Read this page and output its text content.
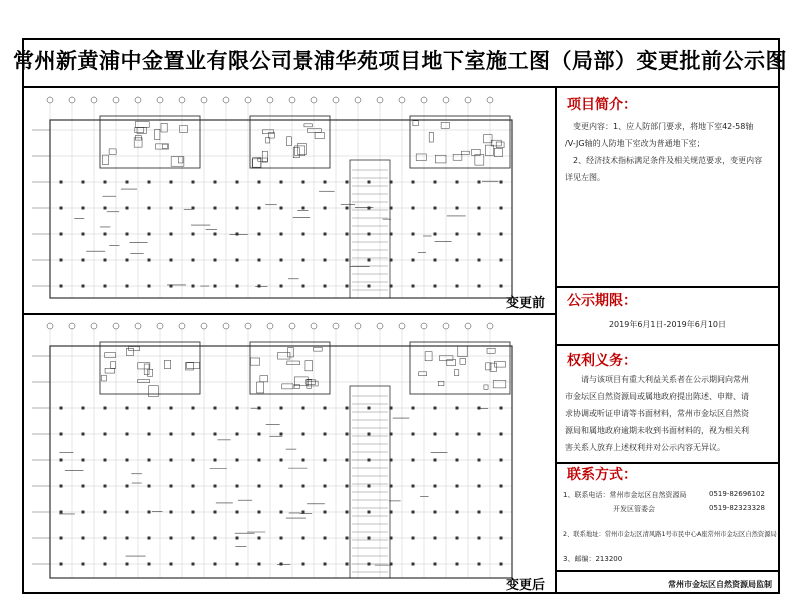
常州新黄浦中金置业有限公司景浦华苑项目地下室施工图（局部）变更批前公示图
变更前
变更后
项目简介：
变更内容：1、应人防部门要求，将地下室42-58轴
/V-JG轴的人防地下室改为普通地下室；
2、经济技术指标满足条件及相关规范要求，变更内容
详见左图。
公示期限：
2019年6月1日-2019年6月10日
权利义务：
请与该项目有重大利益关系者在公示期间向常州
市金坛区自然资源局或属地政府提出陈述、申辩、请
求协调或听证申请等书面材料，常州市金坛区自然资
源局和属地政府逾期未收到书面材料的，视为相关利
害关系人放弃上述权利并对公示内容无异议。
联系方式：
1、联系电话：常州市金坛区自然资源局	0519-82696102
开发区管委会	0519-82323328
2、联系地址：常州市金坛区清风路1号市民中心A座常州市金坛区自然资源局
3、邮编：213200
常州市金坛区自然资源局监制
